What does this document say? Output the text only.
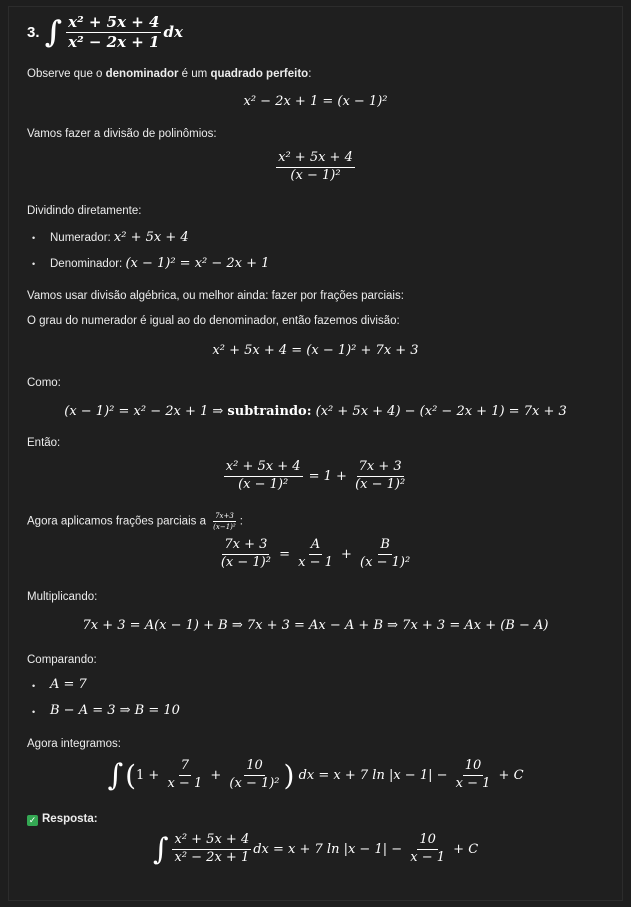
3. ∫ $\frac{\text{x² + 5x + 4}}{\text{x² − 2x + 1}}$ dx

Observe que o denominador é um quadrado perfeito:

x² − 2x + 1 = (x − 1)²

Vamos fazer a divisão de polinômios:

$\frac{\text{x² + 5x + 4}}{\text{(x − 1)²}}$

Dividindo diretamente:

• Numerador: x² + 5x + 4

• Denominador: (x − 1)² = x² − 2x + 1

Vamos usar divisão algébrica, ou melhor ainda: fazer por frações parciais:

O grau do numerador é igual ao do denominador, então fazemos divisão:

x² + 5x + 4 = (x − 1)² + 7x + 3

Como:

(x − 1)² = x² − 2x + 1 ⇒ subtraindo: (x² + 5x + 4) − (x² − 2x + 1) = 7x + 3

Então:

$\frac{\text{x² + 5x + 4}}{\text{(x − 1)²}} = 1 + \frac{7x + 3}{\text{(x − 1)²}}$

Agora aplicamos frações parciais a $\frac{7x+3}{\text{(x−1)²}}$ :

$\frac{7x + 3}{\text{(x − 1)²}} = \frac{A}{x - 1} + \frac{B}{\text{(x − 1)²}}$

Multiplicando:

7x + 3 = A(x − 1) + B ⇒ 7x + 3 = Ax − A + B ⇒ 7x + 3 = Ax + (B − A)

Comparando:

• A = 7

• B − A = 3 ⇒ B = 10

Agora integramos:

$\int(1 + \frac{7}{x - 1} + \frac{10}{\text{(x − 1)²}}$ ) dx = x + 7 $\ln |x - 1| - \frac{10}{x - 1} + C$

✓ Resposta:

∫ $\frac{\text{x² + 5x + 4}}{\text{x² − 2x + 1}}$ dx = x + 7 $\ln |x - 1| - \frac{10}{x - 1} + C$
